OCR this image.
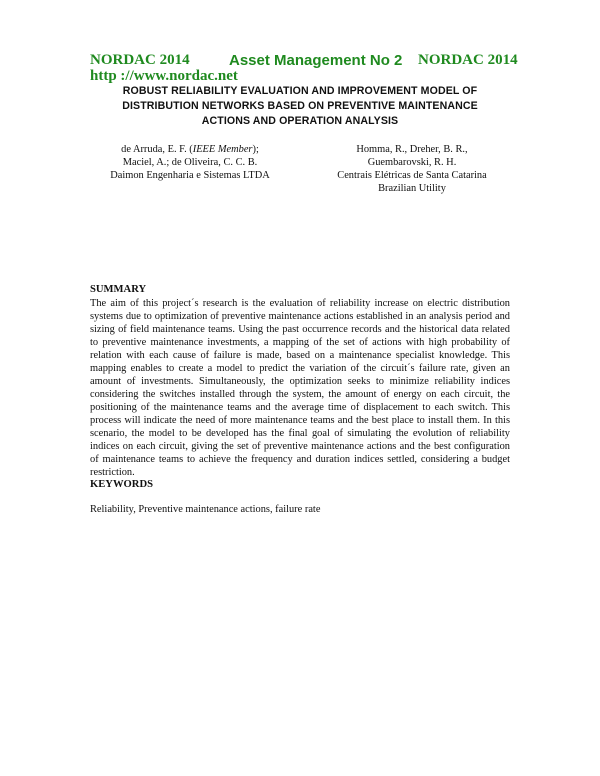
NORDAC 2014	Asset Management No 2 NORDAC 2014
http ://www.nordac.net
ROBUST RELIABILITY EVALUATION AND IMPROVEMENT MODEL OF
DISTRIBUTION NETWORKS BASED ON PREVENTIVE MAINTENANCE
ACTIONS AND OPERATION ANALYSIS
de Arruda, E. F. (IEEE Member);
Maciel, A.; de Oliveira, C. C. B.
Daimon Engenharia e Sistemas LTDA
Homma, R., Dreher, B. R.,
Guembarovski, R. H.
Centrais Elétricas de Santa Catarina
Brazilian Utility
SUMMARY
The aim of this project´s research is the evaluation of reliability increase on electric distribution systems due to optimization of preventive maintenance actions established in an analysis period and sizing of field maintenance teams. Using the past occurrence records and the historical data related to preventive maintenance investments, a mapping of the set of actions with high probability of relation with each cause of failure is made, based on a maintenance specialist knowledge. This mapping enables to create a model to predict the variation of the circuit´s failure rate, given an amount of investments. Simultaneously, the optimization seeks to minimize reliability indices considering the switches installed through the system, the amount of energy on each circuit, the positioning of the maintenance teams and the average time of displacement to each switch. This process will indicate the need of more maintenance teams and the best place to install them. In this scenario, the model to be developed has the final goal of simulating the evolution of reliability indices on each circuit, giving the set of preventive maintenance actions and the best configuration of maintenance teams to achieve the frequency and duration indices settled, considering a budget restriction.
KEYWORDS
Reliability, Preventive maintenance actions, failure rate
